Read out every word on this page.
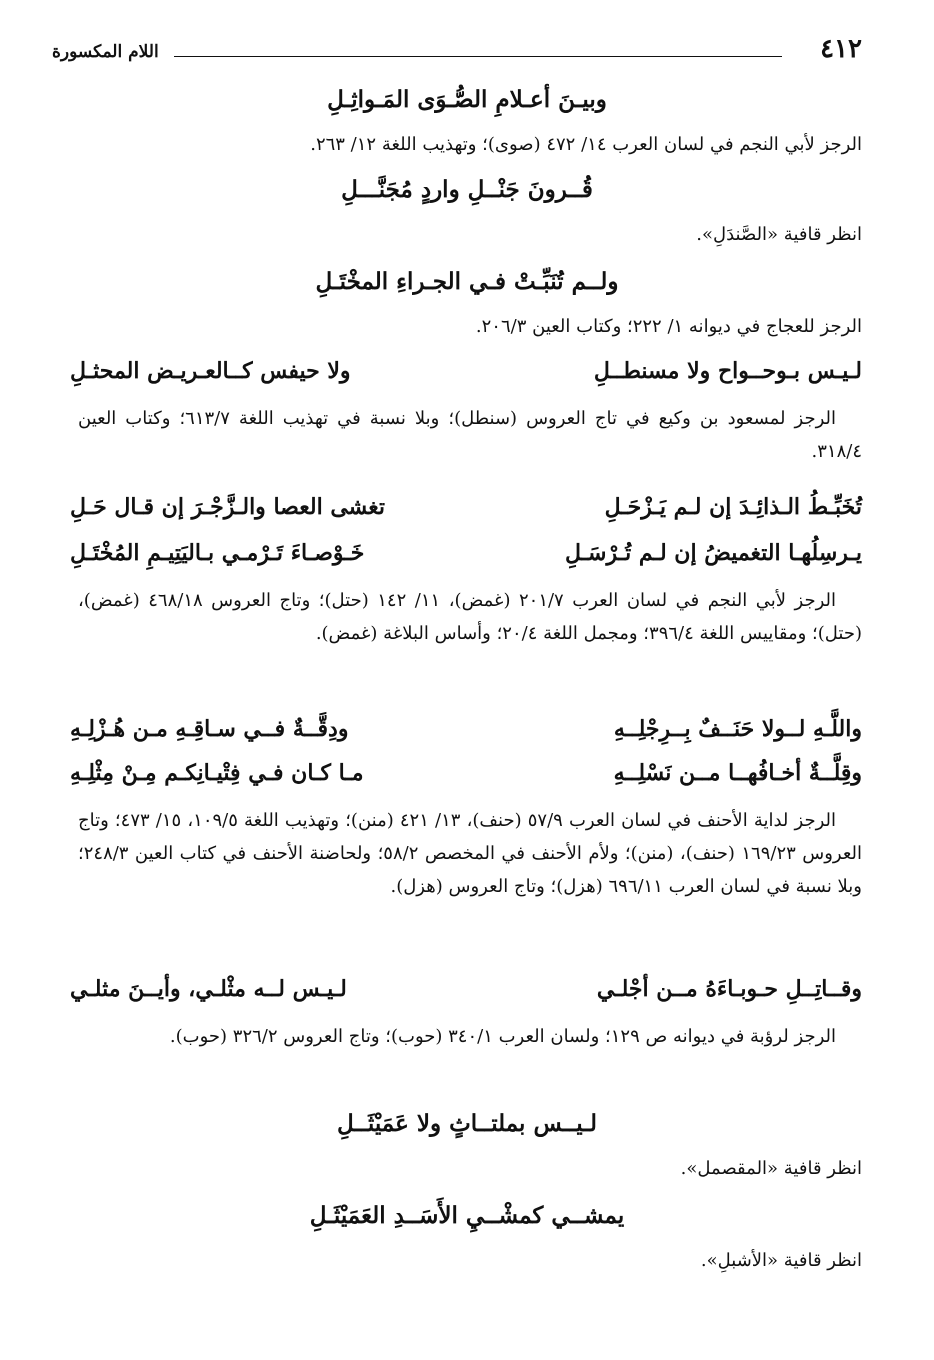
٤١٢
اللام المكسورة
وبيـنَ أعـلامِ الصُّـوَى المَـواثِـلِ
الرجز لأبي النجم في لسان العرب ١٤/ ٤٧٢ (صوى)؛ وتهذيب اللغة ١٢/ ٢٦٣.
قُــرونَ جَنْــلِ واردٍ مُجَنَّـــلِ
انظر قافية «الصَّندَلِ».
ولــم تُنَبِّـتْ فـي الجـراءِ المخْتَـلِ
الرجز للعجاج في ديوانه ١/ ٢٢٢؛ وكتاب العين ٢٠٦/٣.
لـيـس بـوحــواح ولا مسنطــلِ
ولا حيفس كــالعـريـض المحثـلِ
الرجز لمسعود بن وكيع في تاج العروس (سنطل)؛ وبلا نسبة في تهذيب اللغة ٦١٣/٧؛ وكتاب العين ٣١٨/٤.
تُخَبِّـطُ الـذائِـدَ إن لـم يَـزْحَـلِ
تغشى العصا والـزَّجْـرَ إن قـال حَـلِ
يـرسِلُهـا التغميضُ إن لـم تُـرْسَـلِ
خَـوْصـاءَ تَـرْمـي بـاليَتِيـمِ المُخْتَـلِ
الرجز لأبي النجم في لسان العرب ٢٠١/٧ (غمض)، ١١/ ١٤٢ (حتل)؛ وتاج العروس ٤٦٨/١٨ (غمض)، (حتل)؛ ومقاييس اللغة ٣٩٦/٤؛ ومجمل اللغة ٢٠/٤؛ وأساس البلاغة (غمض).
واللَّـهِ لــولا حَنَــفٌ بِــرِجْلِــهِ
ودِقَّــةٌ فــي سـاقِـهِ مـن هُـزْلِـهِ
وقِلَّــةٌ أخـافُهــا مــن نَسْلِــهِ
مـا كـان فـي فِتْيـانِكـم مِـنْ مِثْلِـهِ
الرجز لداية الأحنف في لسان العرب ٥٧/٩ (حنف)، ١٣/ ٤٢١ (منن)؛ وتهذيب اللغة ١٠٩/٥، ١٥/ ٤٧٣؛ وتاج العروس ١٦٩/٢٣ (حنف)، (منن)؛ ولأم الأحنف في المخصص ٥٨/٢؛ ولحاضنة الأحنف في كتاب العين ٢٤٨/٣؛ وبلا نسبة في لسان العرب ٦٩٦/١١ (هزل)؛ وتاج العروس (هزل).
وقــاتِــلِ حـوبـاءَهُ مــن أجْلـي
لـيـس لــه مثْلـي، وأيــنَ مثلـي
الرجز لرؤبة في ديوانه ص ١٢٩؛ ولسان العرب ٣٤٠/١ (حوب)؛ وتاج العروس ٣٢٦/٢ (حوب).
لـيــس بملتــاثٍ ولا عَمَيْثَــلِ
انظر قافية «المقصمل».
يمشــي كمشْــيِ الأَسَــدِ العَمَيْثَـلِ
انظر قافية «الأشبلِ».
